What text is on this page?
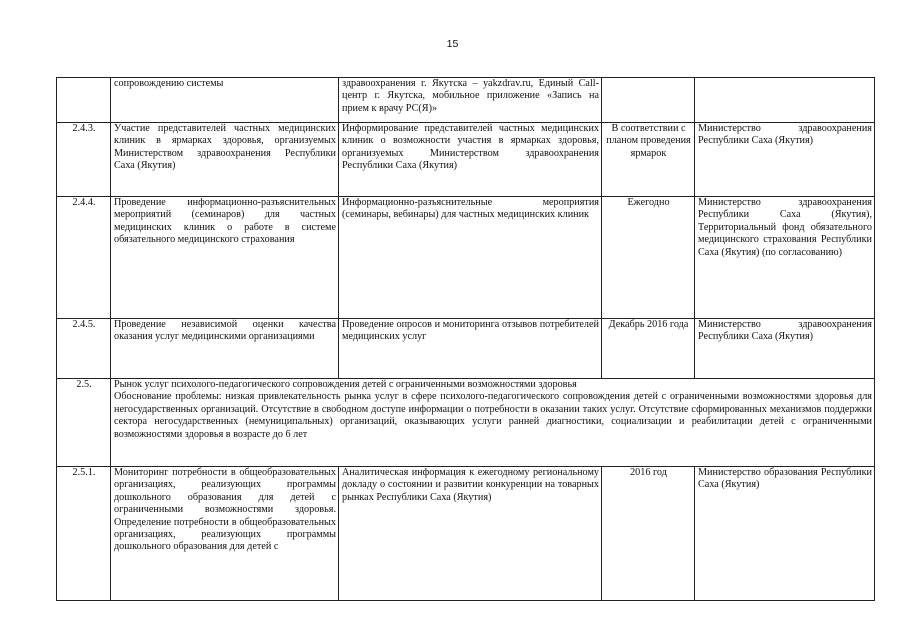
15
	сопровождению системы	здравоохранения г. Якутска – yakzdrav.ru, Единый Call-центр г. Якутска, мобильное приложение «Запись на прием к врачу РС(Я)»		
2.4.3.	Участие представителей частных медицинских клиник в ярмарках здоровья, организуемых Министерством здравоохранения Республики Саха (Якутия)	Информирование представителей частных медицинских клиник о возможности участия в ярмарках здоровья, организуемых Министерством здравоохранения Республики Саха (Якутия)	В соответствии с планом проведения ярмарок	Министерство здравоохранения Республики Саха (Якутия)
2.4.4.	Проведение информационно-разъяснительных мероприятий (семинаров) для частных медицинских клиник о работе в системе обязательного медицинского страхования	Информационно-разъяснительные мероприятия (семинары, вебинары) для частных медицинских клиник	Ежегодно	Министерство здравоохранения Республики Саха (Якутия), Территориальный фонд обязательного медицинского страхования Республики Саха (Якутия) (по согласованию)
2.4.5.	Проведение независимой оценки качества оказания услуг медицинскими организациями	Проведение опросов и мониторинга отзывов потребителей медицинских услуг	Декабрь 2016 года	Министерство здравоохранения Республики Саха (Якутия)
2.5.	Рынок услуг психолого-педагогического сопровождения детей с ограниченными возможностями здоровья

Обоснование проблемы: низкая привлекательность рынка услуг в сфере психолого-педагогического сопровождения детей с ограниченными возможностями здоровья для негосударственных организаций. Отсутствие в свободном доступе информации о потребности в оказании таких услуг. Отсутствие сформированных механизмов поддержки сектора негосударственных (немуниципальных) организаций, оказывающих услуги ранней диагностики, социализации и реабилитации детей с ограниченными возможностями здоровья в возрасте до 6 лет			

2.5.1.	Мониторинг потребности в общеобразовательных организациях, реализующих программы дошкольного образования для детей с ограниченными возможностями здоровья. Определение потребности в общеобразовательных организациях, реализующих программы дошкольного образования для детей с	Аналитическая информация к ежегодному региональному докладу о состоянии и развитии конкуренции на товарных рынках Республики Саха (Якутия)	2016 год	Министерство образования Республики Саха (Якутия)
